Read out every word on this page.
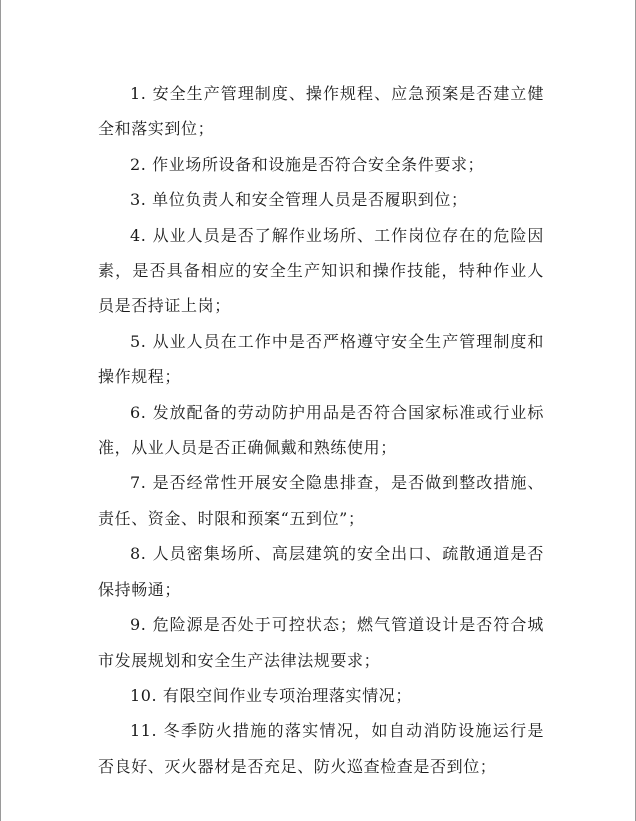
1. 安全生产管理制度、操作规程、应急预案是否建立健全和落实到位；

2. 作业场所设备和设施是否符合安全条件要求；

3. 单位负责人和安全管理人员是否履职到位；

4. 从业人员是否了解作业场所、工作岗位存在的危险因素，是否具备相应的安全生产知识和操作技能，特种作业人员是否持证上岗；

5. 从业人员在工作中是否严格遵守安全生产管理制度和操作规程；

6. 发放配备的劳动防护用品是否符合国家标准或行业标准，从业人员是否正确佩戴和熟练使用；

7. 是否经常性开展安全隐患排查，是否做到整改措施、责任、资金、时限和预案“五到位”；

8. 人员密集场所、高层建筑的安全出口、疏散通道是否保持畅通；

9. 危险源是否处于可控状态；燃气管道设计是否符合城市发展规划和安全生产法律法规要求；

10. 有限空间作业专项治理落实情况；

11. 冬季防火措施的落实情况，如自动消防设施运行是否良好、灭火器材是否充足、防火巡查检查是否到位；
